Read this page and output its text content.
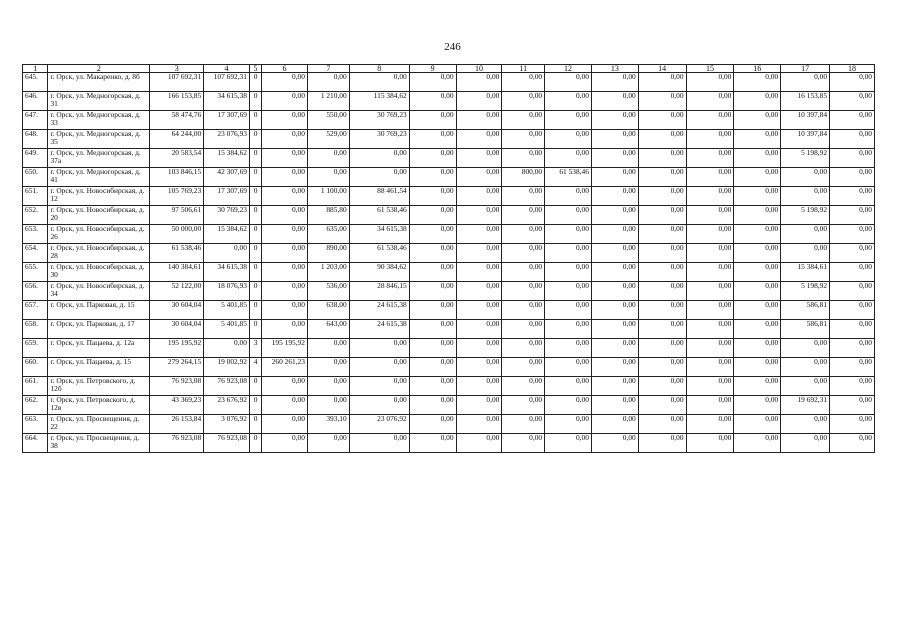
246
1	2	3	4	5	6	7	8	9	10	11	12	13	14	15	16	17	18
645.	г. Орск, ул. Макаренко, д. 8б	107 692,31	107 692,31	0	0,00	0,00	0,00	0,00	0,00	0,00	0,00	0,00	0,00	0,00	0,00	0,00	0,00
646.	г. Орск, ул. Медногорская, д. 31	166 153,85	34 615,38	0	0,00	1 210,00	115 384,62	0,00	0,00	0,00	0,00	0,00	0,00	0,00	0,00	16 153,85	0,00
647.	г. Орск, ул. Медногорская, д. 33	58 474,76	17 307,69	0	0,00	550,00	30 769,23	0,00	0,00	0,00	0,00	0,00	0,00	0,00	0,00	10 397,84	0,00
648.	г. Орск, ул. Медногорская, д. 35	64 244,00	23 076,93	0	0,00	529,00	30 769,23	0,00	0,00	0,00	0,00	0,00	0,00	0,00	0,00	10 397,84	0,00
649.	г. Орск, ул. Медногорская, д. 37а	20 583,54	15 384,62	0	0,00	0,00	0,00	0,00	0,00	0,00	0,00	0,00	0,00	0,00	0,00	5 198,92	0,00
650.	г. Орск, ул. Медногорская, д. 41	103 846,15	42 307,69	0	0,00	0,00	0,00	0,00	0,00	800,00	61 538,46	0,00	0,00	0,00	0,00	0,00	0,00
651.	г. Орск, ул. Новосибирская, д. 12	105 769,23	17 307,69	0	0,00	1 100,00	88 461,54	0,00	0,00	0,00	0,00	0,00	0,00	0,00	0,00	0,00	0,00
652.	г. Орск, ул. Новосибирская, д. 20	97 506,61	30 769,23	0	0,00	885,80	61 538,46	0,00	0,00	0,00	0,00	0,00	0,00	0,00	0,00	5 198,92	0,00
653.	г. Орск, ул. Новосибирская, д. 26	50 000,00	15 384,62	0	0,00	635,00	34 615,38	0,00	0,00	0,00	0,00	0,00	0,00	0,00	0,00	0,00	0,00
654.	г. Орск, ул. Новосибирская, д. 28	61 538,46	0,00	0	0,00	890,00	61 538,46	0,00	0,00	0,00	0,00	0,00	0,00	0,00	0,00	0,00	0,00
655.	г. Орск, ул. Новосибирская, д. 30	140 384,61	34 615,38	0	0,00	1 203,00	90 384,62	0,00	0,00	0,00	0,00	0,00	0,00	0,00	0,00	15 384,61	0,00
656.	г. Орск, ул. Новосибирская, д. 34	52 122,00	18 076,93	0	0,00	536,00	28 846,15	0,00	0,00	0,00	0,00	0,00	0,00	0,00	0,00	5 198,92	0,00
657.	г. Орск, ул. Парковая, д. 15	30 604,04	5 401,85	0	0,00	638,00	24 615,38	0,00	0,00	0,00	0,00	0,00	0,00	0,00	0,00	586,81	0,00
658.	г. Орск, ул. Парковая, д. 17	30 604,04	5 401,85	0	0,00	643,00	24 615,38	0,00	0,00	0,00	0,00	0,00	0,00	0,00	0,00	586,81	0,00
659.	г. Орск, ул. Пацаева, д. 12а	195 195,92	0,00	3	195 195,92	0,00	0,00	0,00	0,00	0,00	0,00	0,00	0,00	0,00	0,00	0,00	0,00
660.	г. Орск, ул. Пацаева, д. 15	279 264,15	19 002,92	4	260 261,23	0,00	0,00	0,00	0,00	0,00	0,00	0,00	0,00	0,00	0,00	0,00	0,00
661.	г. Орск, ул. Петровского, д. 12б	76 923,08	76 923,08	0	0,00	0,00	0,00	0,00	0,00	0,00	0,00	0,00	0,00	0,00	0,00	0,00	0,00
662.	г. Орск, ул. Петровского, д. 12в	43 369,23	23 676,92	0	0,00	0,00	0,00	0,00	0,00	0,00	0,00	0,00	0,00	0,00	0,00	19 692,31	0,00
663.	г. Орск, ул. Просвещения, д. 22	26 153,84	3 076,92	0	0,00	393,10	23 076,92	0,00	0,00	0,00	0,00	0,00	0,00	0,00	0,00	0,00	0,00
664.	г. Орск, ул. Просвещения, д. 38	76 923,08	76 923,08	0	0,00	0,00	0,00	0,00	0,00	0,00	0,00	0,00	0,00	0,00	0,00	0,00	0,00
